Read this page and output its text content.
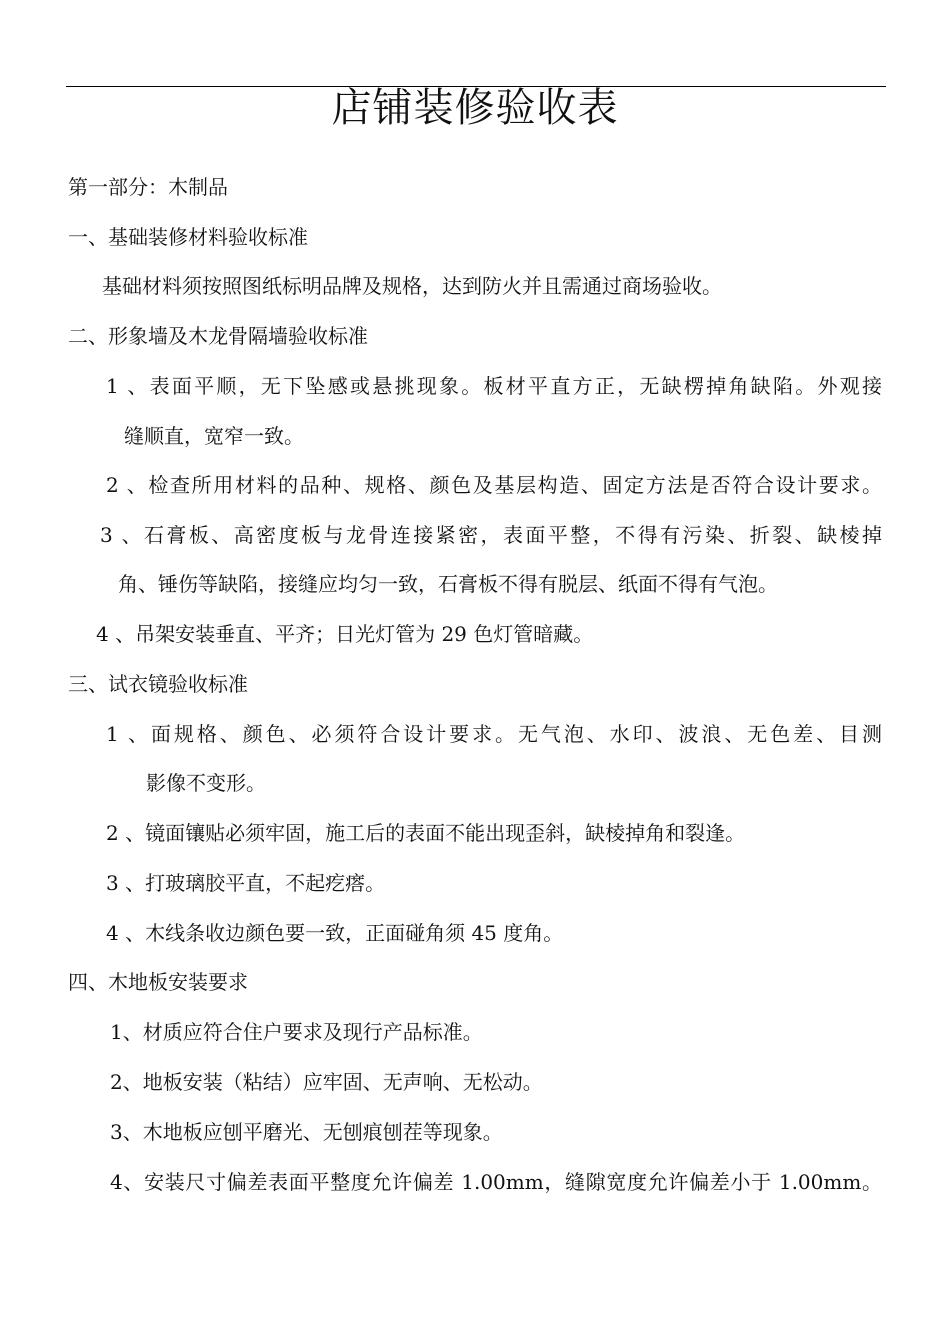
店铺装修验收表

第一部分：木制品

一、基础装修材料验收标准

基础材料须按照图纸标明品牌及规格，达到防火并且需通过商场验收。

二、形象墙及木龙骨隔墙验收标准

1 、表面平顺，无下坠感或悬挑现象。板材平直方正，无缺楞掉角缺陷。外观接

缝顺直，宽窄一致。

2 、检查所用材料的品种、规格、颜色及基层构造、固定方法是否符合设计要求。

3 、石膏板、高密度板与龙骨连接紧密，表面平整，不得有污染、折裂、缺棱掉

角、锤伤等缺陷，接缝应均匀一致，石膏板不得有脱层、纸面不得有气泡。

4 、吊架安装垂直、平齐；日光灯管为 29 色灯管暗藏。

三、试衣镜验收标准

1 、面规格、颜色、必须符合设计要求。无气泡、水印、波浪、无色差、目测

影像不变形。

2 、镜面镶贴必须牢固，施工后的表面不能出现歪斜，缺棱掉角和裂逢。

3 、打玻璃胶平直，不起疙瘩。

4 、木线条收边颜色要一致，正面碰角须 45 度角。

四、木地板安装要求

1、材质应符合住户要求及现行产品标准。

2、地板安装（粘结）应牢固、无声响、无松动。

3、木地板应刨平磨光、无刨痕刨茬等现象。

4、安装尺寸偏差表面平整度允许偏差 1.00mm，缝隙宽度允许偏差小于 1.00mm。
